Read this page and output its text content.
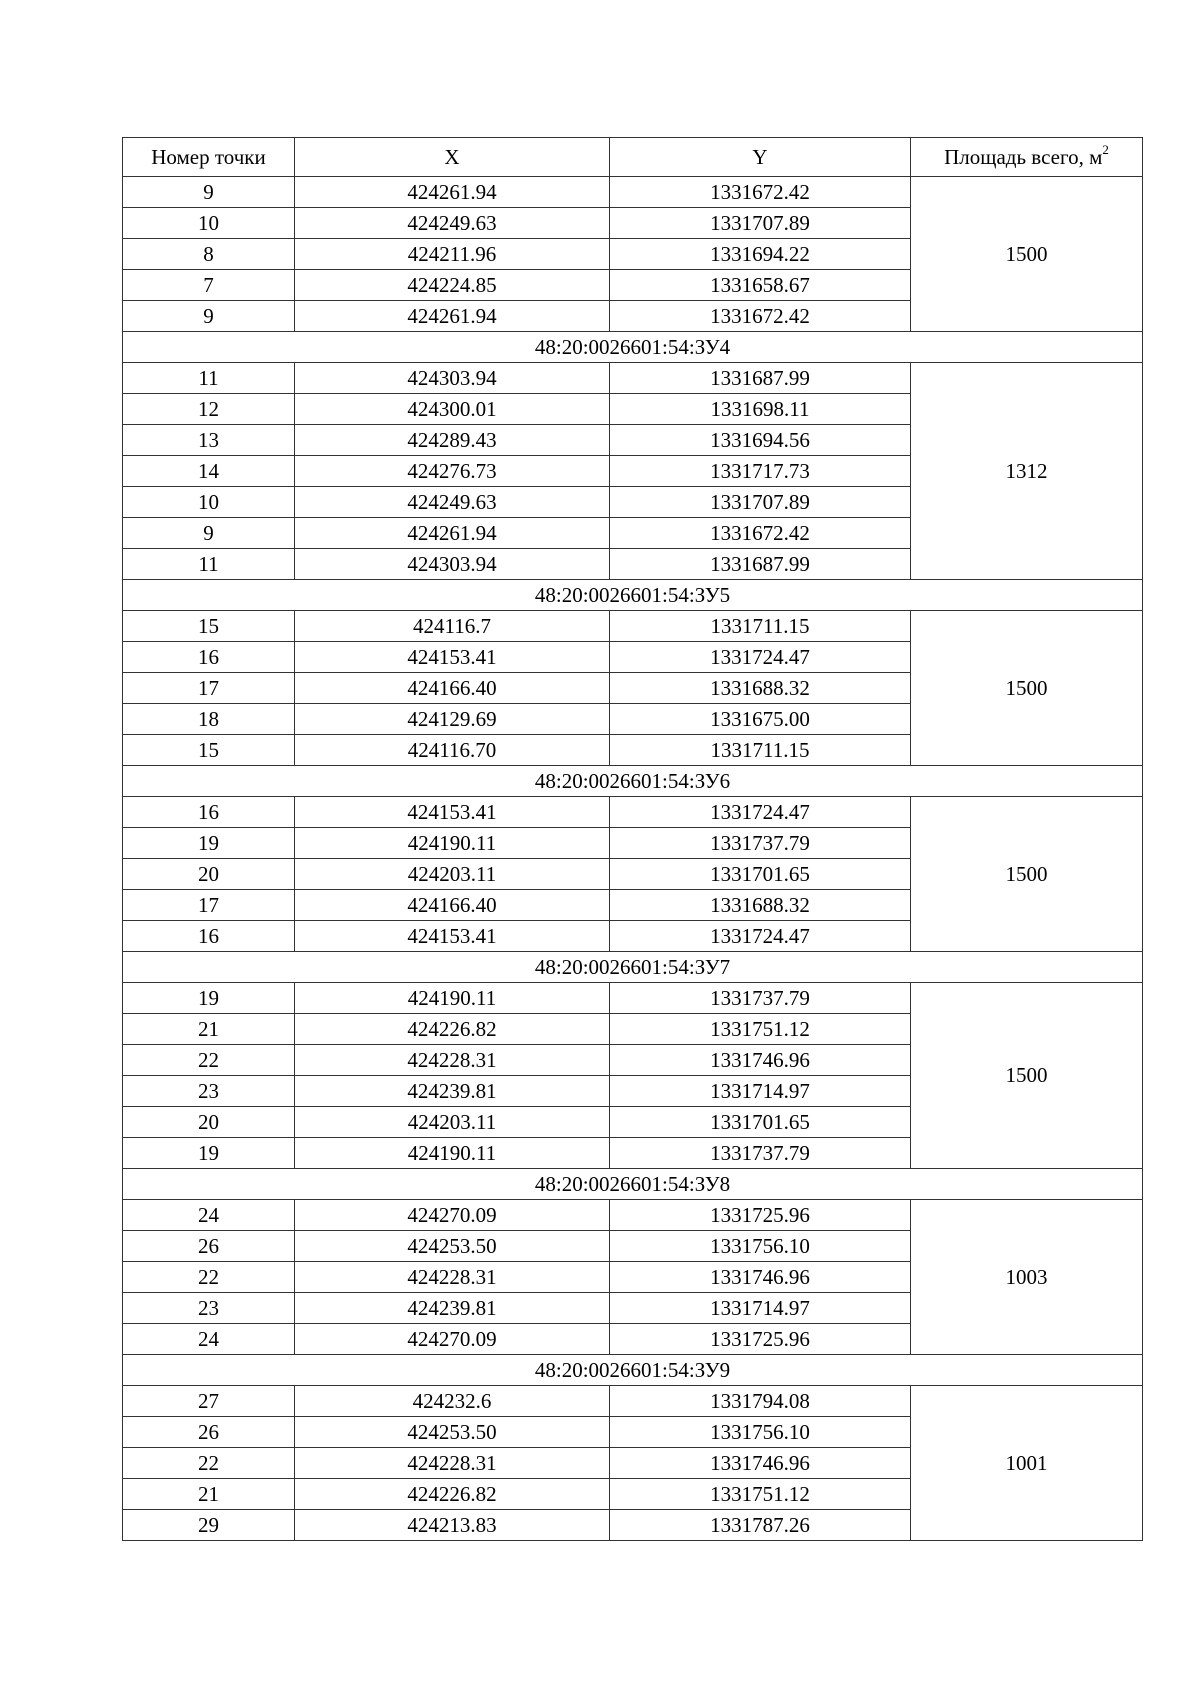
Номер точки	X	Y	Площадь всего, $м^2$
9	424261.94	1331672.42	1500
10	424249.63	1331707.89	
8	424211.96	1331694.22	
7	424224.85	1331658.67	
9	424261.94	1331672.42	
48:20:0026601:54:ЗУ4			
11	424303.94	1331687.99	1312
12	424300.01	1331698.11	
13	424289.43	1331694.56	
14	424276.73	1331717.73	
10	424249.63	1331707.89	
9	424261.94	1331672.42	
11	424303.94	1331687.99	
48:20:0026601:54:ЗУ5			
15	424116.7	1331711.15	1500
16	424153.41	1331724.47	
17	424166.40	1331688.32	
18	424129.69	1331675.00	
15	424116.70	1331711.15	
48:20:0026601:54:ЗУ6			
16	424153.41	1331724.47	1500
19	424190.11	1331737.79	
20	424203.11	1331701.65	
17	424166.40	1331688.32	
16	424153.41	1331724.47	
48:20:0026601:54:ЗУ7			
19	424190.11	1331737.79	1500
21	424226.82	1331751.12	
22	424228.31	1331746.96	
23	424239.81	1331714.97	
20	424203.11	1331701.65	
19	424190.11	1331737.79	
48:20:0026601:54:ЗУ8			
24	424270.09	1331725.96	1003
26	424253.50	1331756.10	
22	424228.31	1331746.96	
23	424239.81	1331714.97	
24	424270.09	1331725.96	
48:20:0026601:54:ЗУ9			
27	424232.6	1331794.08	1001
26	424253.50	1331756.10	
22	424228.31	1331746.96	
21	424226.82	1331751.12	
29	424213.83	1331787.26	
